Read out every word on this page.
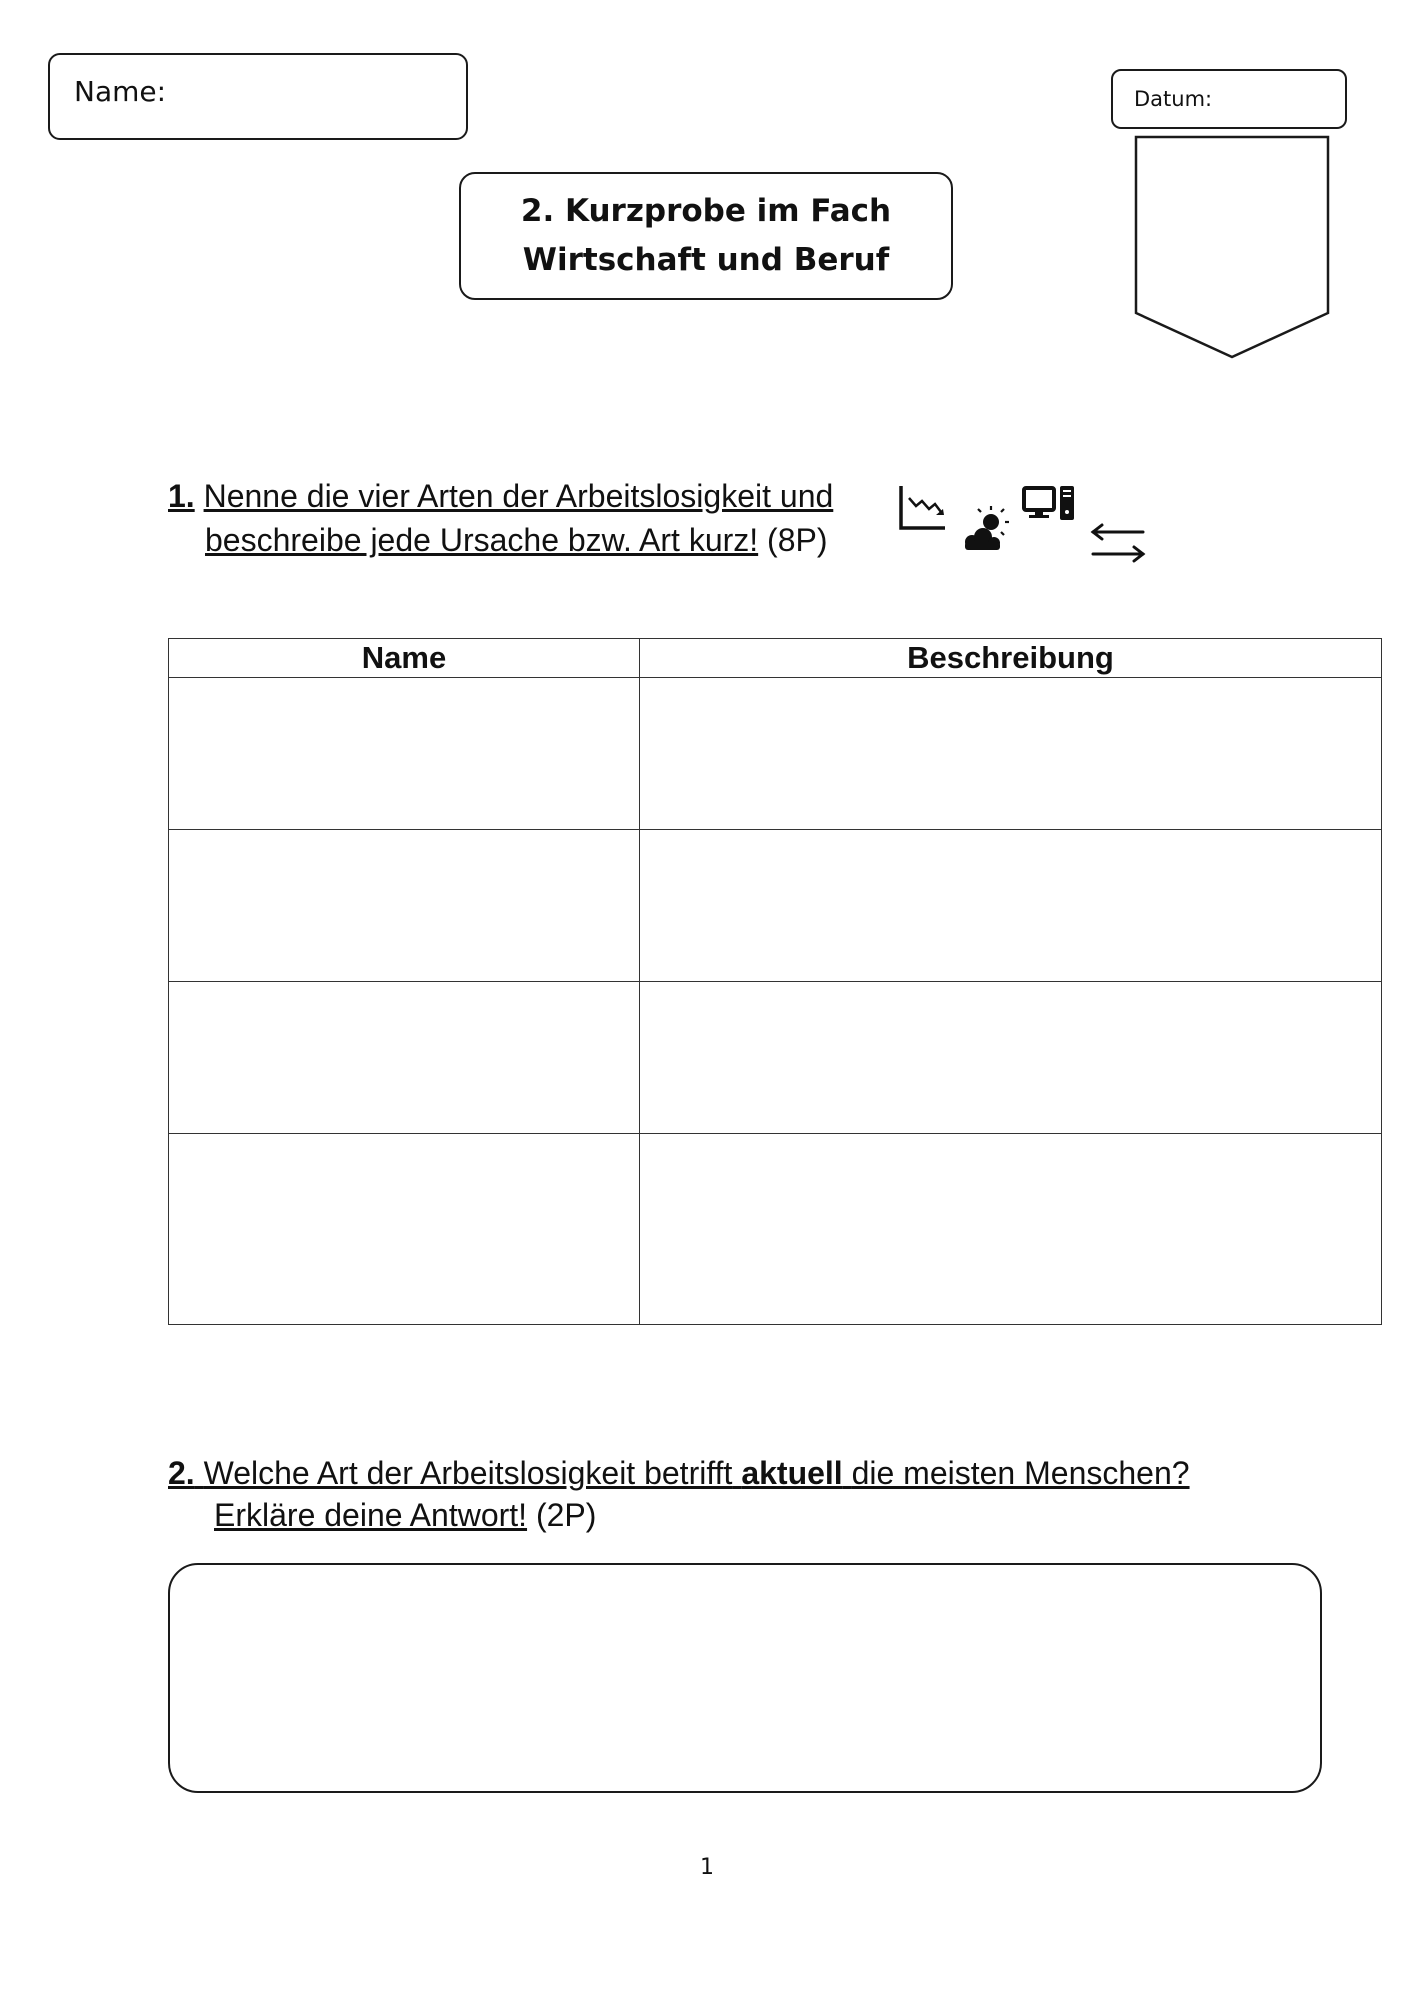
Name:	Datum:
2. Kurzprobe im Fach
Wirtschaft und Beruf
1. Nenne die vier Arten der Arbeitslosigkeit und
beschreibe jede Ursache bzw. Art kurz! (8P)
Name	Beschreibung

2. Welche Art der Arbeitslosigkeit betrifft aktuell die meisten Menschen?
Erkläre deine Antwort! (2P)
1
